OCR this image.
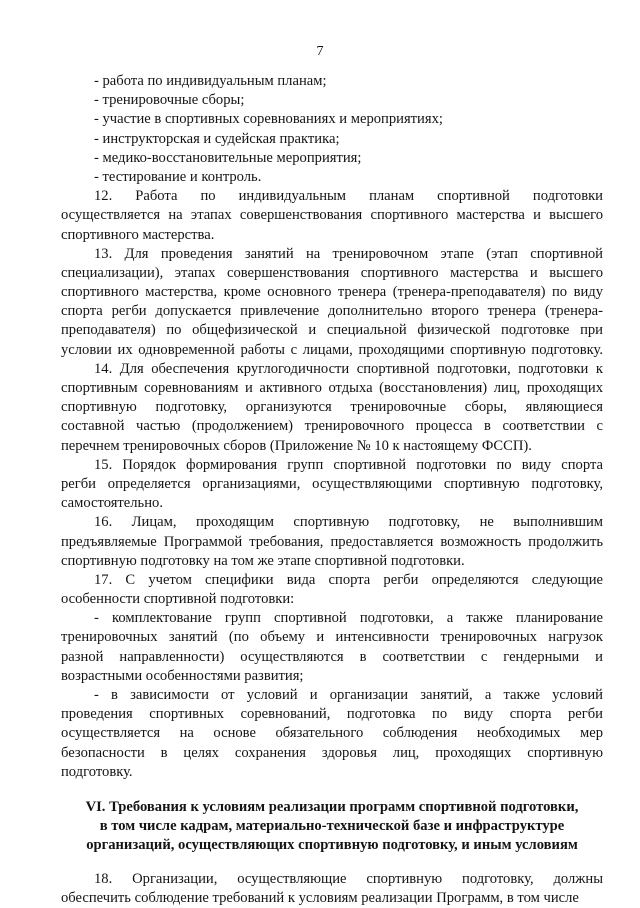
7
- работа по индивидуальным планам;
- тренировочные сборы;
- участие в спортивных соревнованиях и мероприятиях;
- инструкторская и судейская практика;
- медико-восстановительные мероприятия;
- тестирование и контроль.
12. Работа по индивидуальным планам спортивной подготовки
осуществляется на этапах совершенствования спортивного мастерства и высшего
спортивного мастерства.
13. Для проведения занятий на тренировочном этапе (этап спортивной
специализации), этапах совершенствования спортивного мастерства и высшего
спортивного мастерства, кроме основного тренера (тренера-преподавателя) по виду
спорта регби допускается привлечение дополнительно второго тренера (тренера-
преподавателя) по общефизической и специальной физической подготовке при
условии их одновременной работы с лицами, проходящими спортивную подготовку.
14. Для обеспечения круглогодичности спортивной подготовки, подготовки к
спортивным соревнованиям и активного отдыха (восстановления) лиц, проходящих
спортивную подготовку, организуются тренировочные сборы, являющиеся
составной частью (продолжением) тренировочного процесса в соответствии с
перечнем тренировочных сборов (Приложение № 10 к настоящему ФССП).
15. Порядок формирования групп спортивной подготовки по виду спорта
регби определяется организациями, осуществляющими спортивную подготовку,
самостоятельно.
16. Лицам, проходящим спортивную подготовку, не выполнившим
предъявляемые Программой требования, предоставляется возможность продолжить
спортивную подготовку на том же этапе спортивной подготовки.
17. С учетом специфики вида спорта регби определяются следующие
особенности спортивной подготовки:
- комплектование групп спортивной подготовки, а также планирование
тренировочных занятий (по объему и интенсивности тренировочных нагрузок
разной направленности) осуществляются в соответствии с гендерными и
возрастными особенностями развития;
- в зависимости от условий и организации занятий, а также условий
проведения спортивных соревнований, подготовка по виду спорта регби
осуществляется на основе обязательного соблюдения необходимых мер
безопасности в целях сохранения здоровья лиц, проходящих спортивную
подготовку.
VI. Требования к условиям реализации программ спортивной подготовки,
в том числе кадрам, материально-технической базе и инфраструктуре
организаций, осуществляющих спортивную подготовку, и иным условиям
18. Организации, осуществляющие спортивную подготовку, должны
обеспечить соблюдение требований к условиям реализации Программ, в том числе
